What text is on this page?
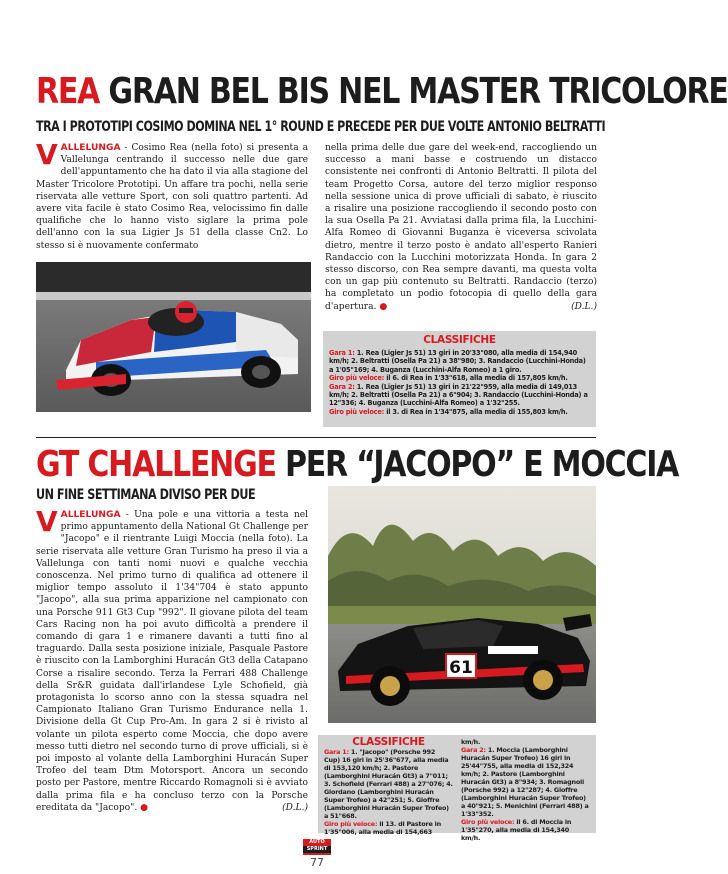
REA GRAN BEL BIS NEL MASTER TRICOLORE
TRA I PROTOTIPI COSIMO DOMINA NEL 1° ROUND E PRECEDE PER DUE VOLTE ANTONIO BELTRATTI

VALLELUNGA - Cosimo Rea (nella foto) si presenta a Vallelunga centrando il successo nelle due gare dell'appuntamento che ha dato il via alla stagione del Master Tricolore Prototipi. Un affare tra pochi, nella serie riservata alle vetture Sport, con soli quattro partenti. Ad avere vita facile è stato Cosimo Rea, velocissimo fin dalle qualifiche che lo hanno visto siglare la prima pole dell'anno con la sua Ligier Js 51 della classe Cn2. Lo stesso si è nuovamente confermato

nella prima delle due gare del week-end, raccogliendo un successo a mani basse e costruendo un distacco consistente nei confronti di Antonio Beltratti. Il pilota del team Progetto Corsa, autore del terzo miglior responso nella sessione unica di prove ufficiali di sabato, è riuscito a risalire una posizione raccogliendo il secondo posto con la sua Osella Pa 21. Avviatasi dalla prima fila, la Lucchini-Alfa Romeo di Giovanni Buganza è viceversa scivolata dietro, mentre il terzo posto è andato all'esperto Ranieri Randaccio con la Lucchini motorizzata Honda. In gara 2 stesso discorso, con Rea sempre davanti, ma questa volta con un gap più contenuto su Beltratti. Randaccio (terzo) ha completato un podio fotocopia di quello della gara d'apertura. ●	(D.L.)

CLASSIFICHE
Gara 1: 1. Rea (Ligier Js 51) 13 giri in 20'33"080, alla media di 154,940 km/h; 2. Beltratti (Osella Pa 21) a 38"980; 3. Randaccio (Lucchini-Honda) a 1'05"169; 4. Buganza (Lucchini-Alfa Romeo) a 1 giro.
Giro più veloce: il 6. di Rea in 1'33"618, alla media di 157,805 km/h.
Gara 2: 1. Rea (Ligier Js 51) 13 giri in 21'22"959, alla media di 149,013 km/h; 2. Beltratti (Osella Pa 21) a 6"904; 3. Randaccio (Lucchini-Honda) a 12"336; 4. Buganza (Lucchini-Alfa Romeo) a 1'32"255.
Giro più veloce: il 3. di Rea in 1'34"875, alla media di 155,803 km/h.
GT CHALLENGE PER “JACOPO” E MOCCIA
UN FINE SETTIMANA DIVISO PER DUE
61

VALLELUNGA - Una pole e una vittoria a testa nel primo appuntamento della National Gt Challenge per "Jacopo" e il rientrante Luigi Moccia (nella foto). La serie riservata alle vetture Gran Turismo ha preso il via a Vallelunga con tanti nomi nuovi e qualche vecchia conoscenza. Nel primo turno di qualifica ad ottenere il miglior tempo assoluto il 1'34"704 è stato appunto "Jacopo", alla sua prima apparizione nel campionato con una Porsche 911 Gt3 Cup "992". Il giovane pilota del team Cars Racing non ha poi avuto difficoltà a prendere il comando di gara 1 e rimanere davanti a tutti fino al traguardo. Dalla sesta posizione iniziale, Pasquale Pastore è riuscito con la Lamborghini Huracán Gt3 della Catapano Corse a risalire secondo. Terza la Ferrari 488 Challenge della Sr&R guidata dall'irlandese Lyle Schofield, già protagonista lo scorso anno con la stessa squadra nel Campionato Italiano Gran Turismo Endurance nella 1. Divisione della Gt Cup Pro-Am. In gara 2 si è rivisto al volante un pilota esperto come Moccia, che dopo avere messo tutti dietro nel secondo turno di prove ufficiali, si è poi imposto al volante della Lamborghini Huracán Super Trofeo del team Dtm Motorsport. Ancora un secondo posto per Pastore, mentre Riccardo Romagnoli si è avviato dalla prima fila e ha concluso terzo con la Porsche ereditata da "Jacopo". ●	(D.L.)

CLASSIFICHE
Gara 1: 1. "Jacopo" (Porsche 992 Cup) 16 giri in 25'36"677, alla media di 153,120 km/h; 2. Pastore (Lamborghini Huracán Gt3) a 7"011; 3. Schofield (Ferrari 488) a 27"076; 4. Giordano (Lamborghini Huracán Super Trofeo) a 42"251; 5. Gioffre (Lamborghini Huracán Super Trofeo) a 51"668.
Giro più veloce: il 13. di Pastore in 1'35"006, alla media di 154,663 km/h.
Gara 2: 1. Moccia (Lamborghini Huracán Super Trofeo) 16 giri in 25'44"755, alla media di 152,324 km/h; 2. Pastore (Lamborghini Huracán Gt3) a 8"934; 3. Romagnoli (Porsche 992) a 12"287; 4. Gioffre (Lamborghini Huracán Super Trofeo) a 40"921; 5. Menichini (Ferrari 488) a 1'33"352.
Giro più veloce: il 6. di Moccia in 1'35"270, alla media di 154,340 km/h.
AUTO
SPRINT
77
